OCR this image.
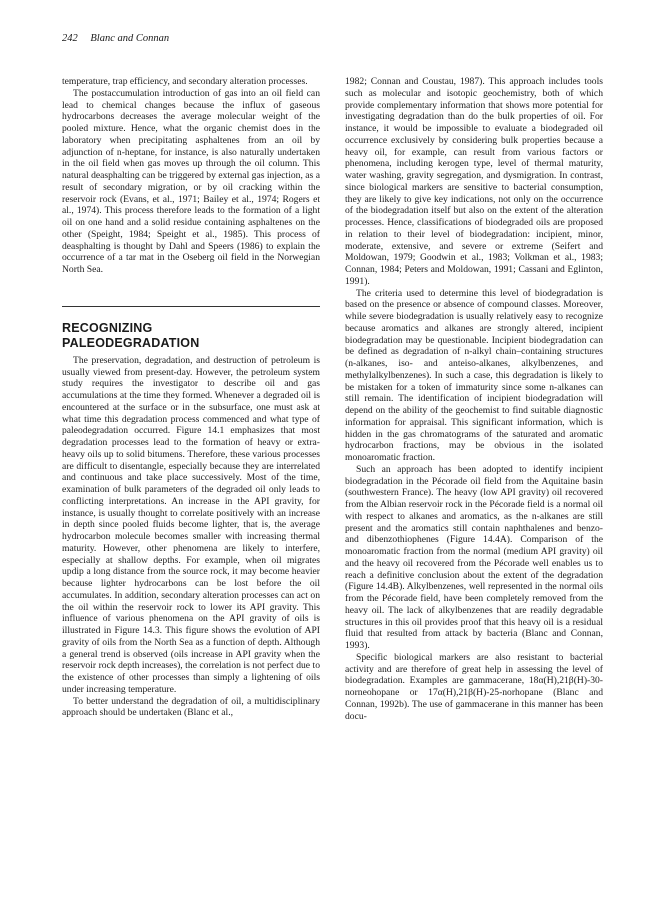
242 Blanc and Connan

temperature, trap efficiency, and secondary alteration processes.

The postaccumulation introduction of gas into an oil field can lead to chemical changes because the influx of gaseous hydrocarbons decreases the average molecular weight of the pooled mixture. Hence, what the organic chemist does in the laboratory when precipitating asphaltenes from an oil by adjunction of n-heptane, for instance, is also naturally undertaken in the oil field when gas moves up through the oil column. This natural deasphalting can be triggered by external gas injection, as a result of secondary migration, or by oil cracking within the reservoir rock (Evans, et al., 1971; Bailey et al., 1974; Rogers et al., 1974). This process therefore leads to the formation of a light oil on one hand and a solid residue containing asphaltenes on the other (Speight, 1984; Speight et al., 1985). This process of deasphalting is thought by Dahl and Speers (1986) to explain the occurrence of a tar mat in the Oseberg oil field in the Norwegian North Sea.

RECOGNIZING
PALEODEGRADATION

The preservation, degradation, and destruction of petroleum is usually viewed from present-day. However, the petroleum system study requires the investigator to describe oil and gas accumulations at the time they formed. Whenever a degraded oil is encountered at the surface or in the subsurface, one must ask at what time this degradation process commenced and what type of paleodegradation occurred. Figure 14.1 emphasizes that most degradation processes lead to the formation of heavy or extra-heavy oils up to solid bitumens. Therefore, these various processes are difficult to disentangle, especially because they are interrelated and continuous and take place successively. Most of the time, examination of bulk parameters of the degraded oil only leads to conflicting interpretations. An increase in the API gravity, for instance, is usually thought to correlate positively with an increase in depth since pooled fluids become lighter, that is, the average hydrocarbon molecule becomes smaller with increasing thermal maturity. However, other phenomena are likely to interfere, especially at shallow depths. For example, when oil migrates updip a long distance from the source rock, it may become heavier because lighter hydrocarbons can be lost before the oil accumulates. In addition, secondary alteration processes can act on the oil within the reservoir rock to lower its API gravity. This influence of various phenomena on the API gravity of oils is illustrated in Figure 14.3. This figure shows the evolution of API gravity of oils from the North Sea as a function of depth. Although a general trend is observed (oils increase in API gravity when the reservoir rock depth increases), the correlation is not perfect due to the existence of other processes than simply a lightening of oils under increasing temperature.

To better understand the degradation of oil, a multidisciplinary approach should be undertaken (Blanc et al.,

1982; Connan and Coustau, 1987). This approach includes tools such as molecular and isotopic geochemistry, both of which provide complementary information that shows more potential for investigating degradation than do the bulk properties of oil. For instance, it would be impossible to evaluate a biodegraded oil occurrence exclusively by considering bulk properties because a heavy oil, for example, can result from various factors or phenomena, including kerogen type, level of thermal maturity, water washing, gravity segregation, and dysmigration. In contrast, since biological markers are sensitive to bacterial consumption, they are likely to give key indications, not only on the occurrence of the biodegradation itself but also on the extent of the alteration processes. Hence, classifications of biodegraded oils are proposed in relation to their level of biodegradation: incipient, minor, moderate, extensive, and severe or extreme (Seifert and Moldowan, 1979; Goodwin et al., 1983; Volkman et al., 1983; Connan, 1984; Peters and Moldowan, 1991; Cassani and Eglinton, 1991).

The criteria used to determine this level of biodegradation is based on the presence or absence of compound classes. Moreover, while severe biodegradation is usually relatively easy to recognize because aromatics and alkanes are strongly altered, incipient biodegradation may be questionable. Incipient biodegradation can be defined as degradation of n-alkyl chain–containing structures (n-alkanes, iso- and anteiso-alkanes, alkylbenzenes, and methylalkylbenzenes). In such a case, this degradation is likely to be mistaken for a token of immaturity since some n-alkanes can still remain. The identification of incipient biodegradation will depend on the ability of the geochemist to find suitable diagnostic information for appraisal. This significant information, which is hidden in the gas chromatograms of the saturated and aromatic hydrocarbon fractions, may be obvious in the isolated monoaromatic fraction.

Such an approach has been adopted to identify incipient biodegradation in the Pécorade oil field from the Aquitaine basin (southwestern France). The heavy (low API gravity) oil recovered from the Albian reservoir rock in the Pécorade field is a normal oil with respect to alkanes and aromatics, as the n-alkanes are still present and the aromatics still contain naphthalenes and benzo- and dibenzothiophenes (Figure 14.4A). Comparison of the monoaromatic fraction from the normal (medium API gravity) oil and the heavy oil recovered from the Pécorade well enables us to reach a definitive conclusion about the extent of the degradation (Figure 14.4B). Alkylbenzenes, well represented in the normal oils from the Pécorade field, have been completely removed from the heavy oil. The lack of alkylbenzenes that are readily degradable structures in this oil provides proof that this heavy oil is a residual fluid that resulted from attack by bacteria (Blanc and Connan, 1993).

Specific biological markers are also resistant to bacterial activity and are therefore of great help in assessing the level of biodegradation. Examples are gammacerane, 18α(H),21β(H)-30-norneohopane or 17α(H),21β(H)-25-norhopane (Blanc and Connan, 1992b). The use of gammacerane in this manner has been docu-
